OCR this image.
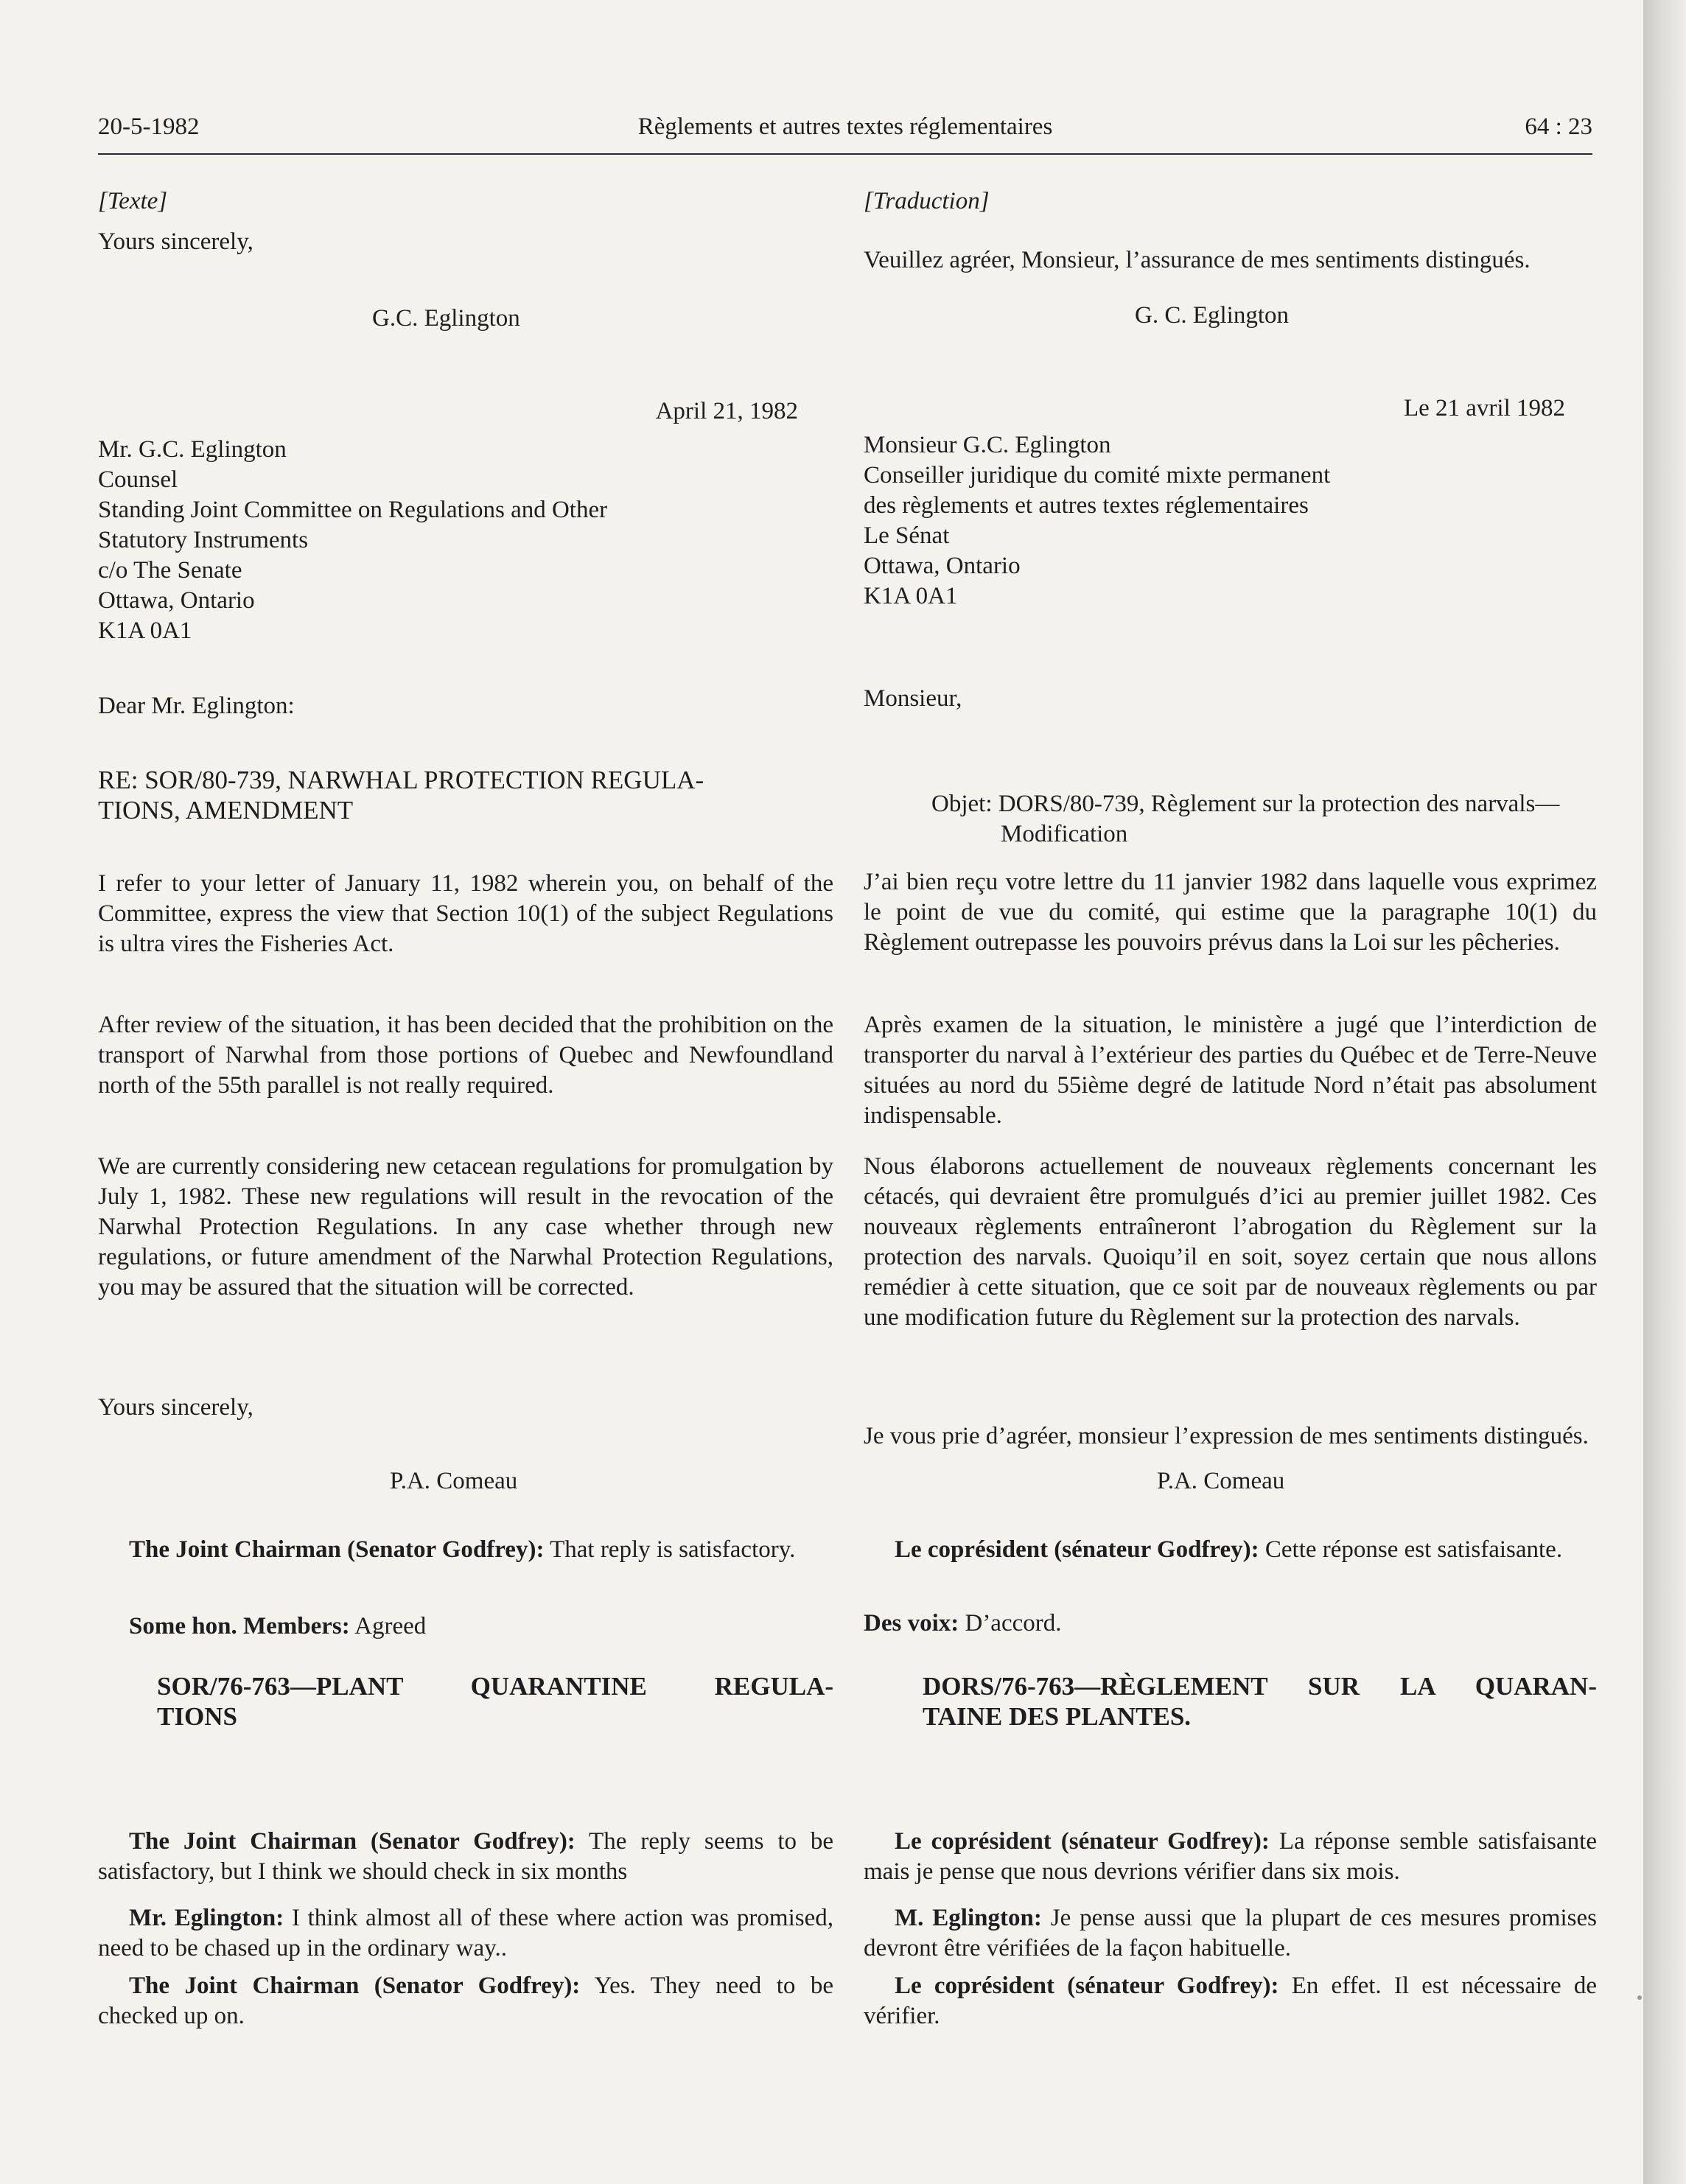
20-5-1982	Règlements et autres textes réglementaires	64 : 23
[Texte]
Yours sincerely,
G.C. Eglington
April 21, 1982
Mr. G.C. Eglington
Counsel
Standing Joint Committee on Regulations and Other
Statutory Instruments
c/o The Senate
Ottawa, Ontario
K1A 0A1
Dear Mr. Eglington:
RE: SOR/80-739, NARWHAL PROTECTION REGULA-
TIONS, AMENDMENT

I refer to your letter of January 11, 1982 wherein you, on behalf of the Committee, express the view that Section 10(1) of the subject Regulations is ultra vires the Fisheries Act.

After review of the situation, it has been decided that the prohibition on the transport of Narwhal from those portions of Quebec and Newfoundland north of the 55th parallel is not really required.

We are currently considering new cetacean regulations for promulgation by July 1, 1982. These new regulations will result in the revocation of the Narwhal Protection Regulations. In any case whether through new regulations, or future amendment of the Narwhal Protection Regulations, you may be assured that the situation will be corrected.

Yours sincerely,
P.A. Comeau

The Joint Chairman (Senator Godfrey): That reply is satisfactory.

Some hon. Members: Agreed

SOR/76-763—PLANT QUARANTINE REGULA-
TIONS

The Joint Chairman (Senator Godfrey): The reply seems to be satisfactory, but I think we should check in six months

Mr. Eglington: I think almost all of these where action was promised, need to be chased up in the ordinary way..

The Joint Chairman (Senator Godfrey): Yes. They need to be checked up on.

[Traduction]

Veuillez agréer, Monsieur, l’assurance de mes sentiments distingués.

G. C. Eglington
Le 21 avril 1982
Monsieur G.C. Eglington
Conseiller juridique du comité mixte permanent
des règlements et autres textes réglementaires
Le Sénat
Ottawa, Ontario
K1A 0A1
Monsieur,

Objet: DORS/80-739, Règlement sur la protection des narvals—Modification

J’ai bien reçu votre lettre du 11 janvier 1982 dans laquelle vous exprimez le point de vue du comité, qui estime que la paragraphe 10(1) du Règlement outrepasse les pouvoirs prévus dans la Loi sur les pêcheries.

Après examen de la situation, le ministère a jugé que l’interdiction de transporter du narval à l’extérieur des parties du Québec et de Terre-Neuve situées au nord du 55ième degré de latitude Nord n’était pas absolument indispensable.

Nous élaborons actuellement de nouveaux règlements concernant les cétacés, qui devraient être promulgués d’ici au premier juillet 1982. Ces nouveaux règlements entraîneront l’abrogation du Règlement sur la protection des narvals. Quoiqu’il en soit, soyez certain que nous allons remédier à cette situation, que ce soit par de nouveaux règlements ou par une modification future du Règlement sur la protection des narvals.

Je vous prie d’agréer, monsieur l’expression de mes sentiments distingués.

P.A. Comeau

Le coprésident (sénateur Godfrey): Cette réponse est satisfaisante.

Des voix: D’accord.

DORS/76-763—RÈGLEMENT SUR LA QUARAN-
TAINE DES PLANTES.

Le coprésident (sénateur Godfrey): La réponse semble satisfaisante mais je pense que nous devrions vérifier dans six mois.

M. Eglington: Je pense aussi que la plupart de ces mesures promises devront être vérifiées de la façon habituelle.

Le coprésident (sénateur Godfrey): En effet. Il est nécessaire de vérifier.
